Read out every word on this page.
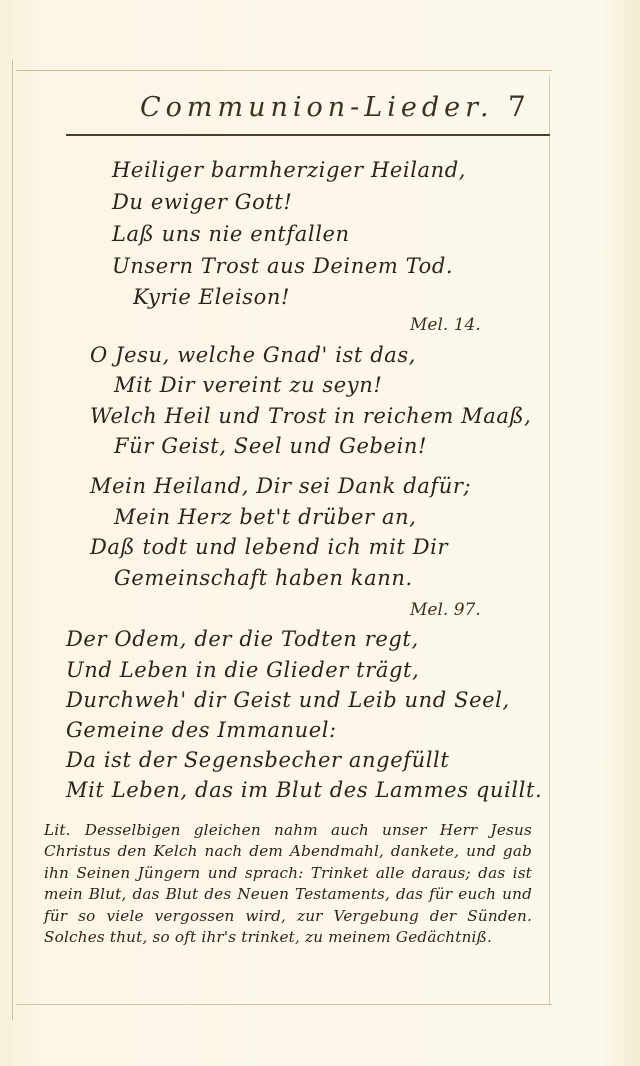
Communion-Lieder. 7
Heiliger barmherziger Heiland,
Du ewiger Gott!
Laß uns nie entfallen
Unsern Trost aus Deinem Tod.
Kyrie Eleison!
Mel. 14.
O Jesu, welche Gnad' ist das,
Mit Dir vereint zu seyn!
Welch Heil und Trost in reichem Maaß,
Für Geist, Seel und Gebein!
Mein Heiland, Dir sei Dank dafür;
Mein Herz bet't drüber an,
Daß todt und lebend ich mit Dir
Gemeinschaft haben kann.
Mel. 97.
Der Odem, der die Todten regt,
Und Leben in die Glieder trägt,
Durchweh' dir Geist und Leib und Seel,
Gemeine des Immanuel:
Da ist der Segensbecher angefüllt
Mit Leben, das im Blut des Lammes quillt.
Lit. Desselbigen gleichen nahm auch unser Herr Jesus Christus den Kelch nach dem Abendmahl, dankete, und gab ihn Seinen Jüngern und sprach: Trinket alle daraus; das ist mein Blut, das Blut des Neuen Testaments, das für euch und für so viele vergossen wird, zur Vergebung der Sünden. Solches thut, so oft ihr's trinket, zu meinem Gedächtniß.
